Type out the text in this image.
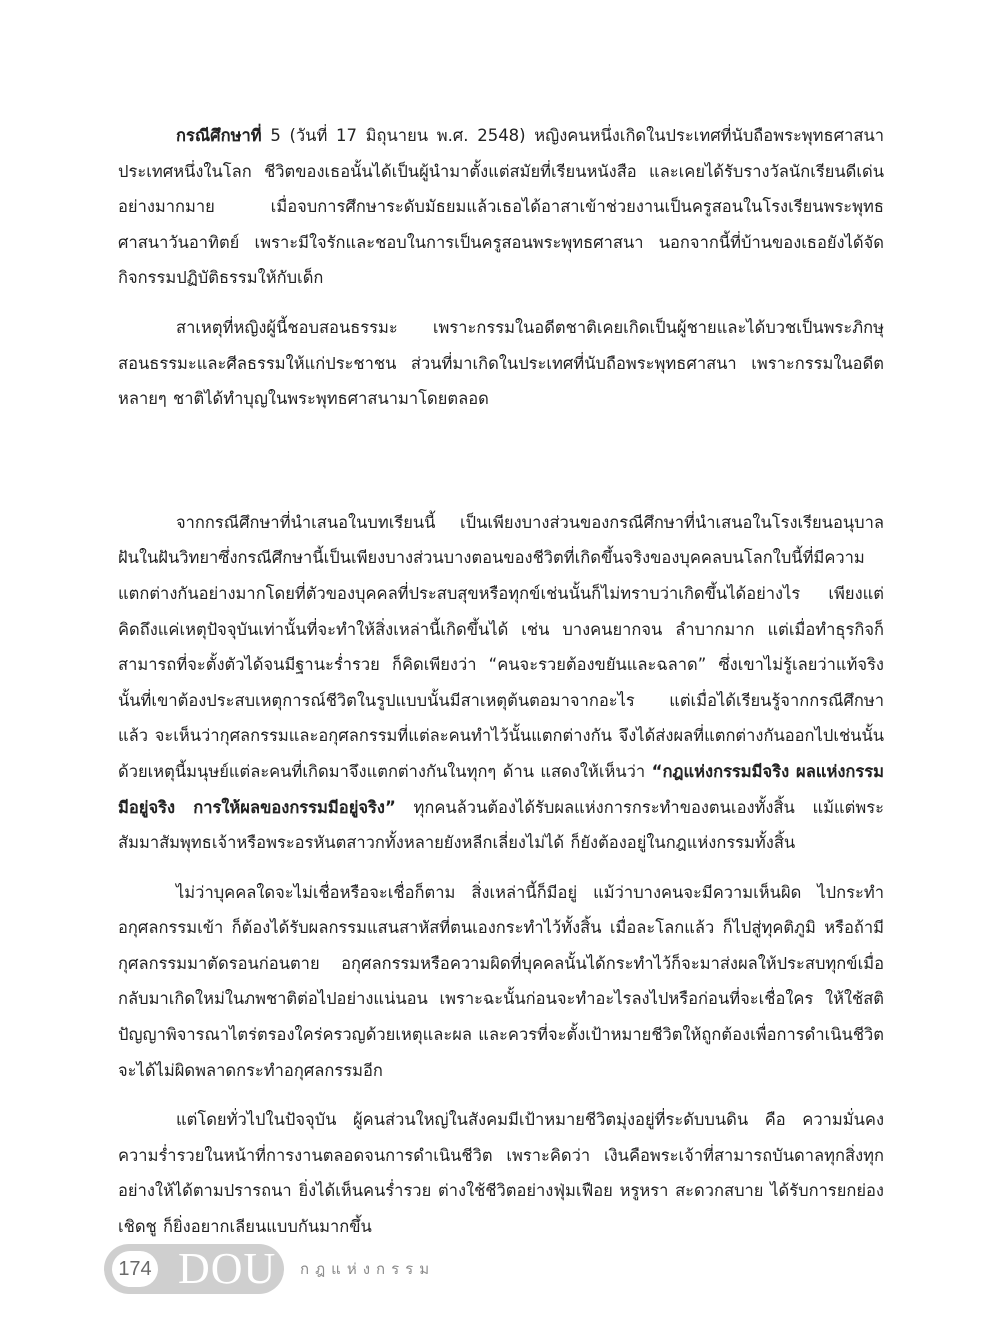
กรณีศึกษาที่ 5 (วันที่ 17 มิถุนายน พ.ศ. 2548) หญิงคนหนึ่งเกิดในประเทศที่นับถือพระพุทธศาสนาประเทศหนึ่งในโลก ชีวิตของเธอนั้นได้เป็นผู้นำมาตั้งแต่สมัยที่เรียนหนังสือ และเคยได้รับรางวัลนักเรียนดีเด่นอย่างมากมาย เมื่อจบการศึกษาระดับมัธยมแล้วเธอได้อาสาเข้าช่วยงานเป็นครูสอนในโรงเรียนพระพุทธศาสนาวันอาทิตย์ เพราะมีใจรักและชอบในการเป็นครูสอนพระพุทธศาสนา นอกจากนี้ที่บ้านของเธอยังได้จัดกิจกรรมปฏิบัติธรรมให้กับเด็ก

สาเหตุที่หญิงผู้นี้ชอบสอนธรรมะ เพราะกรรมในอดีตชาติเคยเกิดเป็นผู้ชายและได้บวชเป็นพระภิกษุสอนธรรมะและศีลธรรมให้แก่ประชาชน ส่วนที่มาเกิดในประเทศที่นับถือพระพุทธศาสนา เพราะกรรมในอดีตหลายๆ ชาติได้ทำบุญในพระพุทธศาสนามาโดยตลอด

จากกรณีศึกษาที่นำเสนอในบทเรียนนี้ เป็นเพียงบางส่วนของกรณีศึกษาที่นำเสนอในโรงเรียนอนุบาลฝันในฝันวิทยาซึ่งกรณีศึกษานี้เป็นเพียงบางส่วนบางตอนของชีวิตที่เกิดขึ้นจริงของบุคคลบนโลกใบนี้ที่มีความแตกต่างกันอย่างมากโดยที่ตัวของบุคคลที่ประสบสุขหรือทุกข์เช่นนั้นก็ไม่ทราบว่าเกิดขึ้นได้อย่างไร เพียงแต่คิดถึงแค่เหตุปัจจุบันเท่านั้นที่จะทำให้สิ่งเหล่านี้เกิดขึ้นได้ เช่น บางคนยากจน ลำบากมาก แต่เมื่อทำธุรกิจก็สามารถที่จะตั้งตัวได้จนมีฐานะร่ำรวย ก็คิดเพียงว่า “คนจะรวยต้องขยันและฉลาด” ซึ่งเขาไม่รู้เลยว่าแท้จริงนั้นที่เขาต้องประสบเหตุการณ์ชีวิตในรูปแบบนั้นมีสาเหตุต้นตอมาจากอะไร แต่เมื่อได้เรียนรู้จากกรณีศึกษาแล้ว จะเห็นว่ากุศลกรรมและอกุศลกรรมที่แต่ละคนทำไว้นั้นแตกต่างกัน จึงได้ส่งผลที่แตกต่างกันออกไปเช่นนั้น ด้วยเหตุนี้มนุษย์แต่ละคนที่เกิดมาจึงแตกต่างกันในทุกๆ ด้าน แสดงให้เห็นว่า “กฎแห่งกรรมมีจริง ผลแห่งกรรมมีอยู่จริง การให้ผลของกรรมมีอยู่จริง” ทุกคนล้วนต้องได้รับผลแห่งการกระทำของตนเองทั้งสิ้น แม้แต่พระสัมมาสัมพุทธเจ้าหรือพระอรหันตสาวกทั้งหลายยังหลีกเลี่ยงไม่ได้ ก็ยังต้องอยู่ในกฎแห่งกรรมทั้งสิ้น

ไม่ว่าบุคคลใดจะไม่เชื่อหรือจะเชื่อก็ตาม สิ่งเหล่านี้ก็มีอยู่ แม้ว่าบางคนจะมีความเห็นผิด ไปกระทำอกุศลกรรมเข้า ก็ต้องได้รับผลกรรมแสนสาหัสที่ตนเองกระทำไว้ทั้งสิ้น เมื่อละโลกแล้ว ก็ไปสู่ทุคติภูมิ หรือถ้ามีกุศลกรรมมาตัดรอนก่อนตาย อกุศลกรรมหรือความผิดที่บุคคลนั้นได้กระทำไว้ก็จะมาส่งผลให้ประสบทุกข์เมื่อกลับมาเกิดใหม่ในภพชาติต่อไปอย่างแน่นอน เพราะฉะนั้นก่อนจะทำอะไรลงไปหรือก่อนที่จะเชื่อใคร ให้ใช้สติปัญญาพิจารณาไตร่ตรองใคร่ครวญด้วยเหตุและผล และควรที่จะตั้งเป้าหมายชีวิตให้ถูกต้องเพื่อการดำเนินชีวิตจะได้ไม่ผิดพลาดกระทำอกุศลกรรมอีก

แต่โดยทั่วไปในปัจจุบัน ผู้คนส่วนใหญ่ในสังคมมีเป้าหมายชีวิตมุ่งอยู่ที่ระดับบนดิน คือ ความมั่นคงความร่ำรวยในหน้าที่การงานตลอดจนการดำเนินชีวิต เพราะคิดว่า เงินคือพระเจ้าที่สามารถบันดาลทุกสิ่งทุกอย่างให้ได้ตามปรารถนา ยิ่งได้เห็นคนร่ำรวย ต่างใช้ชีวิตอย่างฟุ่มเฟือย หรูหรา สะดวกสบาย ได้รับการยกย่องเชิดชู ก็ยิ่งอยากเลียนแบบกันมากขึ้น

174 DOU กฎแห่งกรรม
